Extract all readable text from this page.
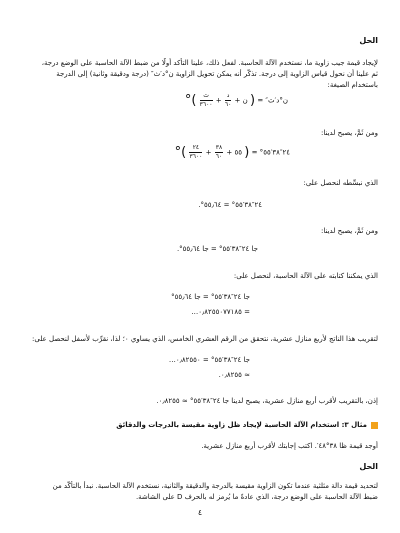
الحل
لإيجاد قيمة جيب زاوية ما، نستخدم الآلة الحاسبة. لفعل ذلك، علينا التأكد أولًا من ضبط الآلة الحاسبة على الوضع درجة،
ثم علينا أن نحول قياس الزاوية إلى درجة. تذكَّر أنه يمكن تحويل الزاوية ن°د′ث″ (درجة ودقيقة وثانية) إلى الدرجة
باستخدام الصيغة:
ن°د′ث″ = ( ن +
$\frac{\text{د}}{٦٠}$
+
$\frac{\text{ث}}{٣٦٠٠}$
)°
ومن ثَمَّ، يصبح لدينا:
٢٤″٣٨′٥٥° = ( ٥٥ +
$\frac{٣٨}{٦٠}$
+
$\frac{٢٤}{٣٦٠٠}$
)°
الذي نبسِّطه لنحصل على:
٢٤″٣٨′٥٥° = ٥٥٫٦٤°.
ومن ثَمَّ، يصبح لدينا:
جا ٢٤″٣٨′٥٥° = جا ٥٥٫٦٤°.
الذي يمكننا كتابته على الآلة الحاسبة، لنحصل على:
جا ٢٤″٣٨′٥٥° = جا ٥٥٫٦٤°
= ٠٫٨٢٥٥٠٧٧١٨٥…
لتقريب هذا الناتج لأربع منازل عشرية، نتحقق من الرقم العشري الخامس، الذي يساوي ٠؛ لذا، نقرِّب لأسفل لنحصل على:
جا ٢٤″٣٨′٥٥° = ٠٫٨٢٥٥٠…
≈ ٠٫٨٢٥٥.
إذن، بالتقريب لأقرب أربع منازل عشرية، يصبح لدينا جا ٢٤″٣٨′٥٥° ≈ ٠٫٨٢٥٥.
مثال ٣: استخدام الآلة الحاسبة لإيجاد ظل زاوية مقيسة بالدرجات والدقائق
أوجد قيمة ظا ٣٨°٤٨′. اكتب إجابتك لأقرب أربع منازل عشرية.
الحل
لتحديد قيمة دالة مثلثية عندما تكون الزاوية مقيسة بالدرجة والدقيقة والثانية، نستخدم الآلة الحاسبة. نبدأ بالتأكُّد من
ضبط الآلة الحاسبة على الوضع درجة، الذي عادةً ما يُرمز له بالحرف D على الشاشة.
٤
